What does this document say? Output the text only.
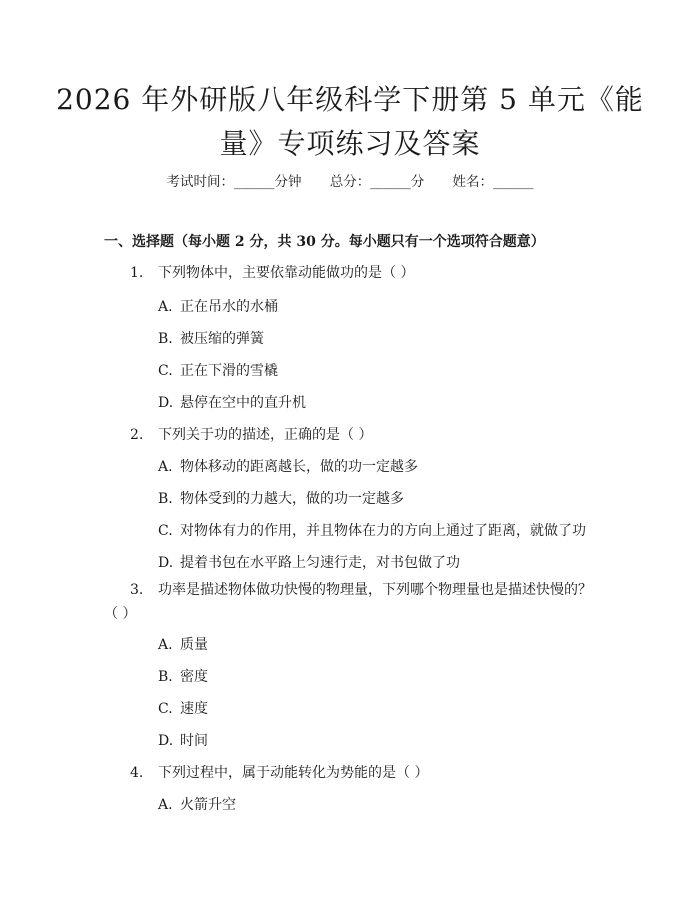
2026 年外研版八年级科学下册第 5 单元《能
量》专项练习及答案
考试时间：______分钟 总分：______分 姓名：______
一、选择题（每小题 2 分，共 30 分。每小题只有一个选项符合题意）
1. 下列物体中，主要依靠动能做功的是（ ）
A. 正在吊水的水桶
B. 被压缩的弹簧
C. 正在下滑的雪橇
D. 悬停在空中的直升机
2. 下列关于功的描述，正确的是（ ）
A. 物体移动的距离越长，做的功一定越多
B. 物体受到的力越大，做的功一定越多
C. 对物体有力的作用，并且物体在力的方向上通过了距离，就做了功
D. 提着书包在水平路上匀速行走，对书包做了功
3. 功率是描述物体做功快慢的物理量，下列哪个物理量也是描述快慢的？（ ）
A. 质量
B. 密度
C. 速度
D. 时间
4. 下列过程中，属于动能转化为势能的是（ ）
A. 火箭升空
